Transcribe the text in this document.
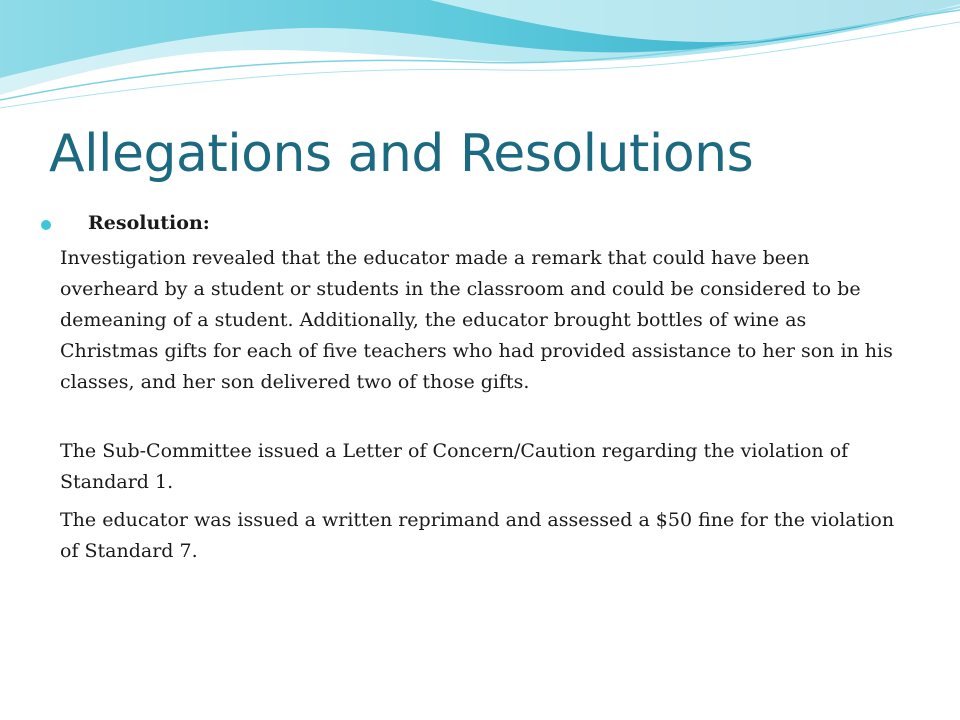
Allegations and Resolutions
Resolution:

Investigation revealed that the educator made a remark that could have been overheard by a student or students in the classroom and could be considered to be demeaning of a student. Additionally, the educator brought bottles of wine as Christmas gifts for each of five teachers who had provided assistance to her son in his classes, and her son delivered two of those gifts.

The Sub-Committee issued a Letter of Concern/Caution regarding the violation of Standard 1.

The educator was issued a written reprimand and assessed a $50 fine for the violation of Standard 7.
